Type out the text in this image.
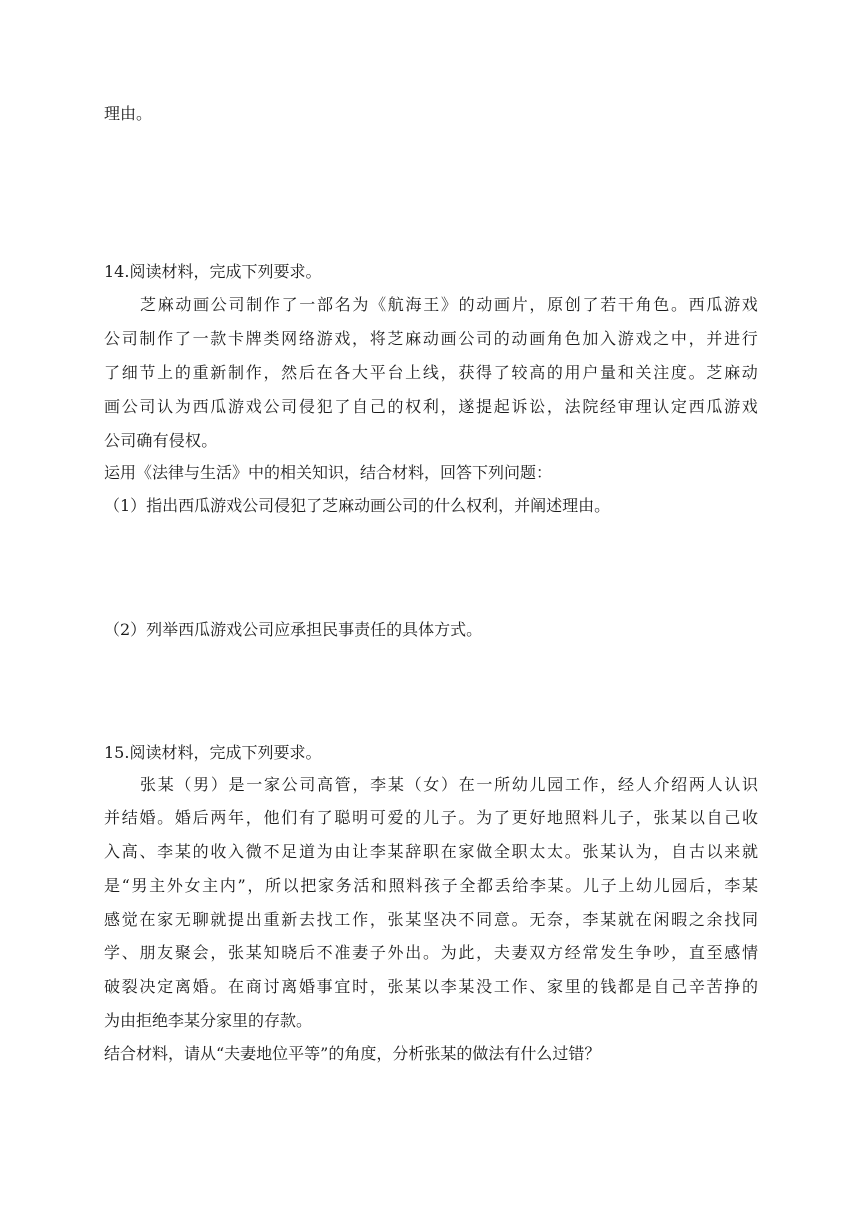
理由。
14.阅读材料，完成下列要求。
芝麻动画公司制作了一部名为《航海王》的动画片，原创了若干角色。西瓜游戏
公司制作了一款卡牌类网络游戏，将芝麻动画公司的动画角色加入游戏之中，并进行
了细节上的重新制作，然后在各大平台上线，获得了较高的用户量和关注度。芝麻动
画公司认为西瓜游戏公司侵犯了自己的权利，遂提起诉讼，法院经审理认定西瓜游戏
公司确有侵权。
运用《法律与生活》中的相关知识，结合材料，回答下列问题：
（1）指出西瓜游戏公司侵犯了芝麻动画公司的什么权利，并阐述理由。
（2）列举西瓜游戏公司应承担民事责任的具体方式。
15.阅读材料，完成下列要求。
张某（男）是一家公司高管，李某（女）在一所幼儿园工作，经人介绍两人认识
并结婚。婚后两年，他们有了聪明可爱的儿子。为了更好地照料儿子，张某以自己收
入高、李某的收入微不足道为由让李某辞职在家做全职太太。张某认为，自古以来就
是“男主外女主内”，所以把家务活和照料孩子全都丢给李某。儿子上幼儿园后，李某
感觉在家无聊就提出重新去找工作，张某坚决不同意。无奈，李某就在闲暇之余找同
学、朋友聚会，张某知晓后不准妻子外出。为此，夫妻双方经常发生争吵，直至感情
破裂决定离婚。在商讨离婚事宜时，张某以李某没工作、家里的钱都是自己辛苦挣的
为由拒绝李某分家里的存款。
结合材料，请从“夫妻地位平等”的角度，分析张某的做法有什么过错？
